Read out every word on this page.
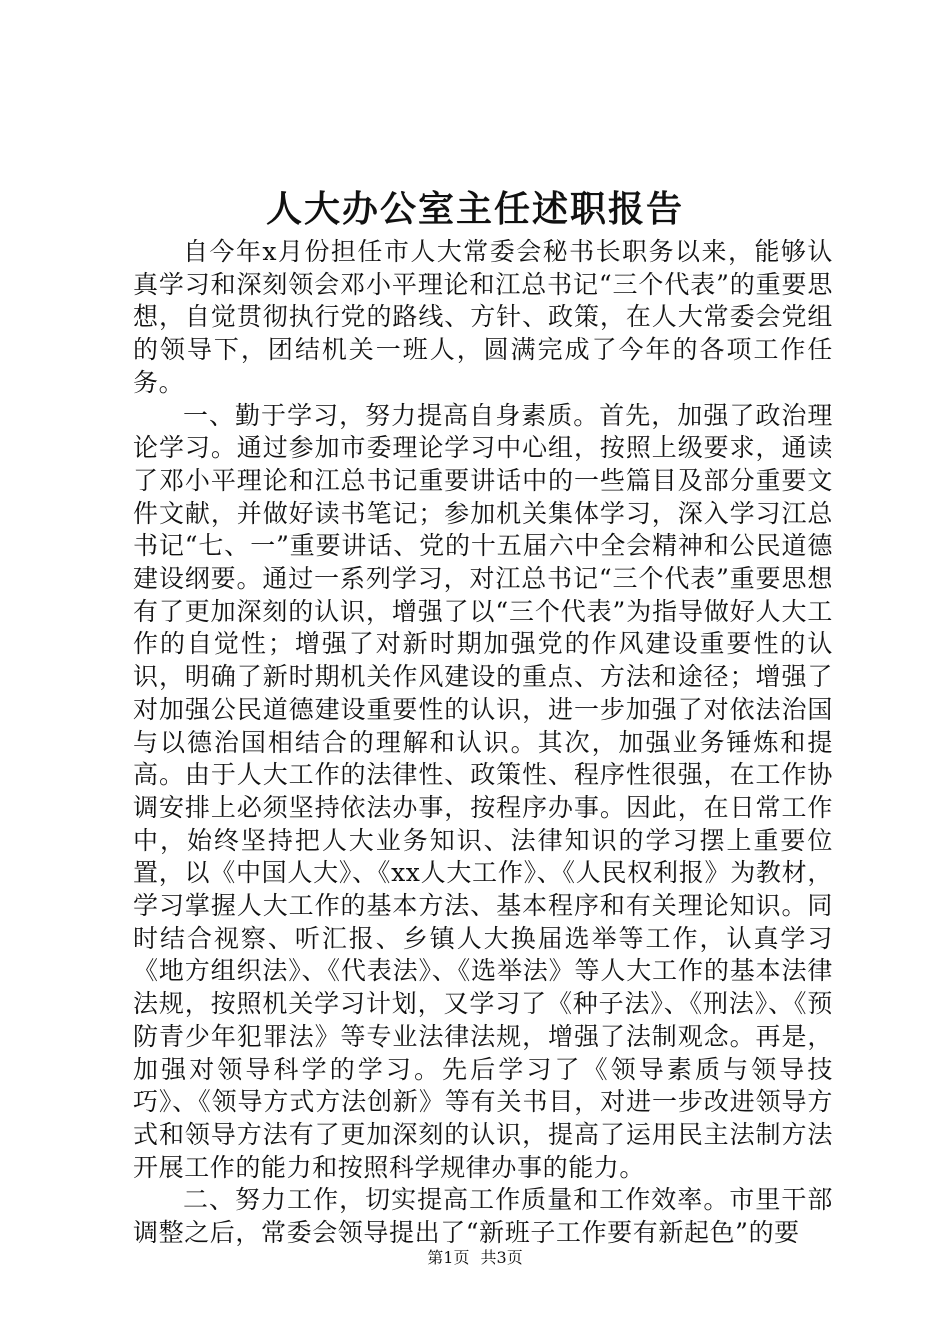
人大办公室主任述职报告

自今年x月份担任市人大常委会秘书长职务以来，能够认真学习和深刻领会邓小平理论和江总书记“三个代表”的重要思想，自觉贯彻执行党的路线、方针、政策，在人大常委会党组的领导下，团结机关一班人，圆满完成了今年的各项工作任务。

一、勤于学习，努力提高自身素质。首先，加强了政治理论学习。通过参加市委理论学习中心组，按照上级要求，通读了邓小平理论和江总书记重要讲话中的一些篇目及部分重要文件文献，并做好读书笔记；参加机关集体学习，深入学习江总书记“七、一”重要讲话、党的十五届六中全会精神和公民道德建设纲要。通过一系列学习，对江总书记“三个代表”重要思想有了更加深刻的认识，增强了以“三个代表”为指导做好人大工作的自觉性；增强了对新时期加强党的作风建设重要性的认识，明确了新时期机关作风建设的重点、方法和途径；增强了对加强公民道德建设重要性的认识，进一步加强了对依法治国与以德治国相结合的理解和认识。其次，加强业务锤炼和提高。由于人大工作的法律性、政策性、程序性很强，在工作协调安排上必须坚持依法办事，按程序办事。因此，在日常工作中，始终坚持把人大业务知识、法律知识的学习摆上重要位置，以《中国人大》、《xx人大工作》、《人民权利报》为教材，学习掌握人大工作的基本方法、基本程序和有关理论知识。同时结合视察、听汇报、乡镇人大换届选举等工作，认真学习《地方组织法》、《代表法》、《选举法》等人大工作的基本法律法规，按照机关学习计划，又学习了《种子法》、《刑法》、《预防青少年犯罪法》等专业法律法规，增强了法制观念。再是，加强对领导科学的学习。先后学习了《领导素质与领导技巧》、《领导方式方法创新》等有关书目，对进一步改进领导方式和领导方法有了更加深刻的认识，提高了运用民主法制方法开展工作的能力和按照科学规律办事的能力。

二、努力工作，切实提高工作质量和工作效率。市里干部调整之后，常委会领导提出了“新班子工作要有新起色”的要

第1页 共3页
